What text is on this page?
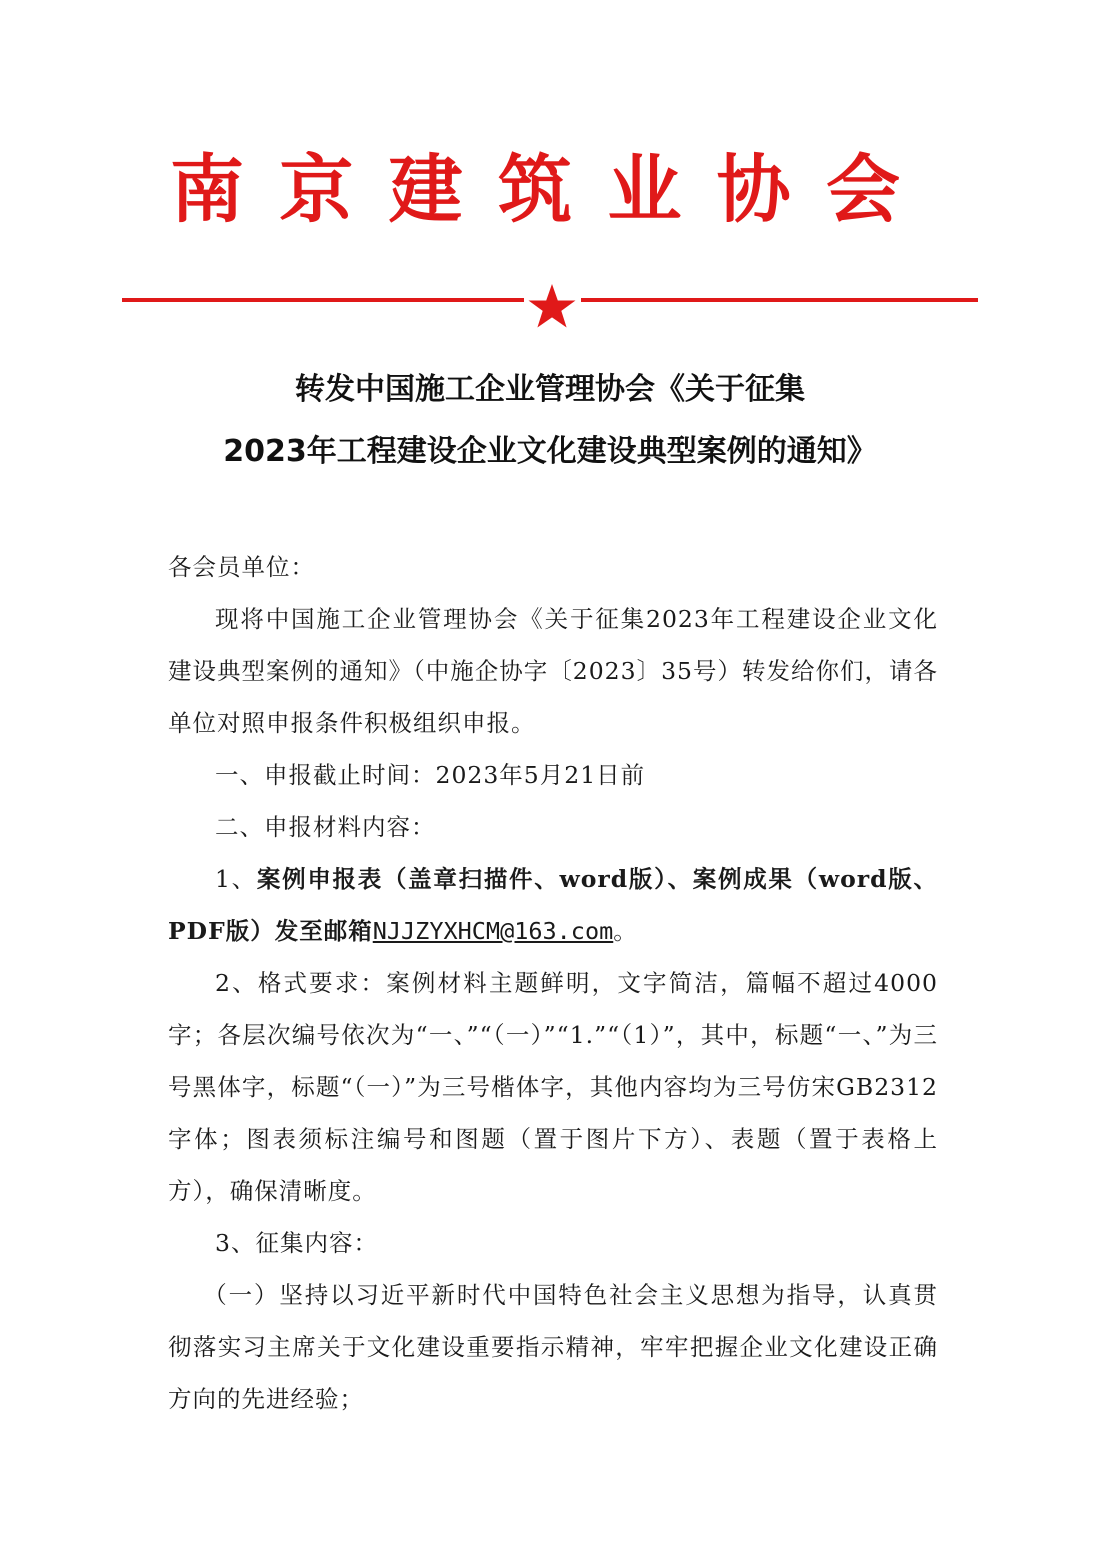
南 京 建 筑 业 协 会
转发中国施工企业管理协会《关于征集
2023年工程建设企业文化建设典型案例的通知》

各会员单位：

现将中国施工企业管理协会《关于征集2023年工程建设企业文化建设典型案例的通知》（中施企协字〔2023〕35号）转发给你们，请各单位对照申报条件积极组织申报。

一、申报截止时间：2023年5月21日前

二、申报材料内容：

1、案例申报表（盖章扫描件、word版）、案例成果（word版、PDF版）发至邮箱NJJZYXHCM@163.com。

2、格式要求：案例材料主题鲜明，文字简洁，篇幅不超过4000字；各层次编号依次为“一、”“（一）”“1.”“（1）”，其中，标题“一、”为三号黑体字，标题“（一）”为三号楷体字，其他内容均为三号仿宋GB2312字体；图表须标注编号和图题（置于图片下方）、表题（置于表格上方），确保清晰度。

3、征集内容：

（一）坚持以习近平新时代中国特色社会主义思想为指导，认真贯彻落实习主席关于文化建设重要指示精神，牢牢把握企业文化建设正确方向的先进经验；
